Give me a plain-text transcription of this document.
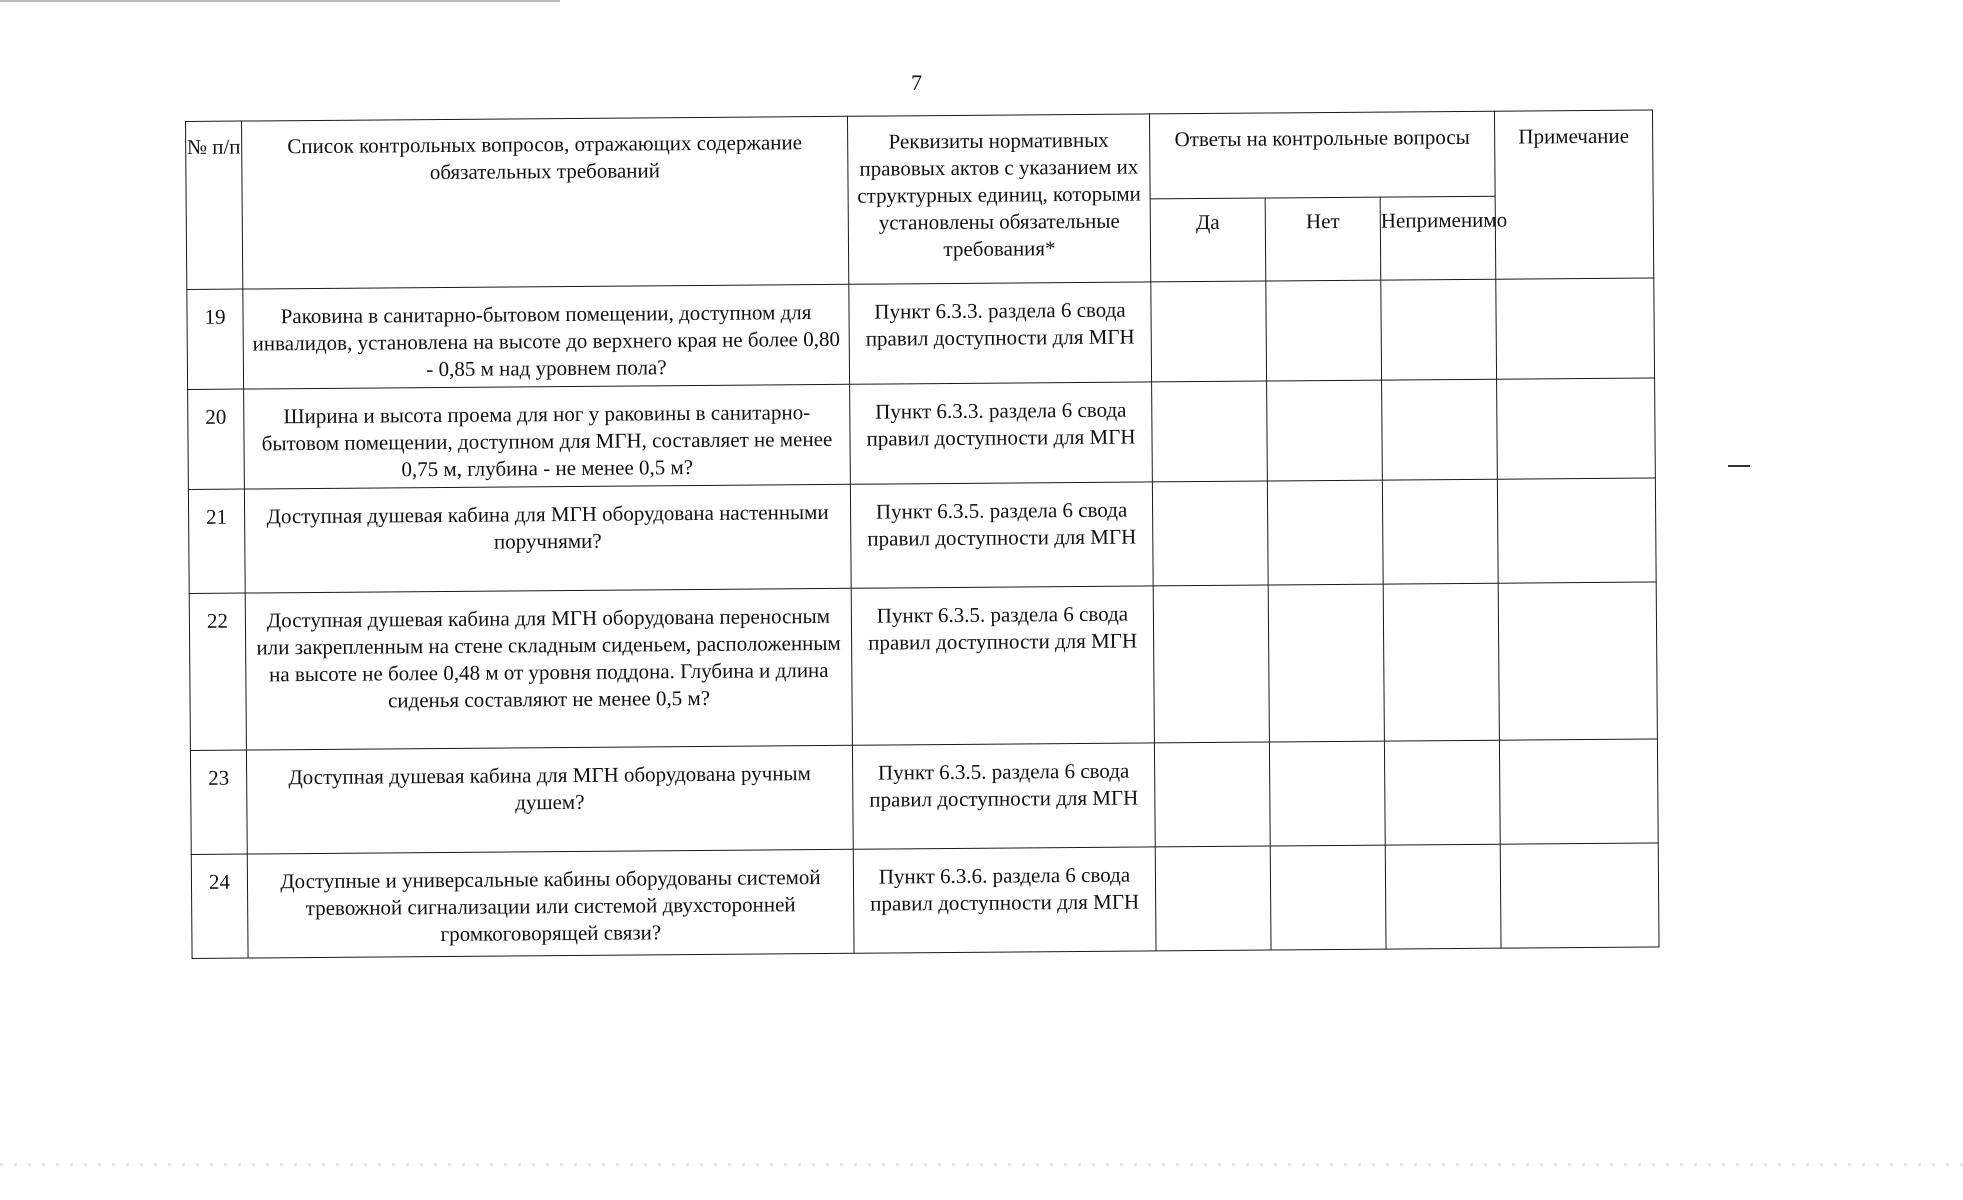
7
№ п/п	Список контрольных вопросов, отражающих содержание обязательных требований	Реквизиты нормативных правовых актов с указанием их структурных единиц, которыми установлены обязательные требования*	Ответы на контрольные вопросы			Примечание
			Да	Нет	Неприменимо	
19	Раковина в санитарно-бытовом помещении, доступном для инвалидов, установлена на высоте до верхнего края не более 0,80 - 0,85 м над уровнем пола?	Пункт 6.3.3. раздела 6 свода правил доступности для МГН				
20	Ширина и высота проема для ног у раковины в санитарно-бытовом помещении, доступном для МГН, составляет не менее 0,75 м, глубина - не менее 0,5 м?	Пункт 6.3.3. раздела 6 свода правил доступности для МГН				
21	Доступная душевая кабина для МГН оборудована настенными поручнями?	Пункт 6.3.5. раздела 6 свода правил доступности для МГН				
22	Доступная душевая кабина для МГН оборудована переносным или закрепленным на стене складным сиденьем, расположенным на высоте не более 0,48 м от уровня поддона. Глубина и длина сиденья составляют не менее 0,5 м?	Пункт 6.3.5. раздела 6 свода правил доступности для МГН				
23	Доступная душевая кабина для МГН оборудована ручным душем?	Пункт 6.3.5. раздела 6 свода правил доступности для МГН				
24	Доступные и универсальные кабины оборудованы системой тревожной сигнализации или системой двухсторонней громкоговорящей связи?	Пункт 6.3.6. раздела 6 свода правил доступности для МГН				
